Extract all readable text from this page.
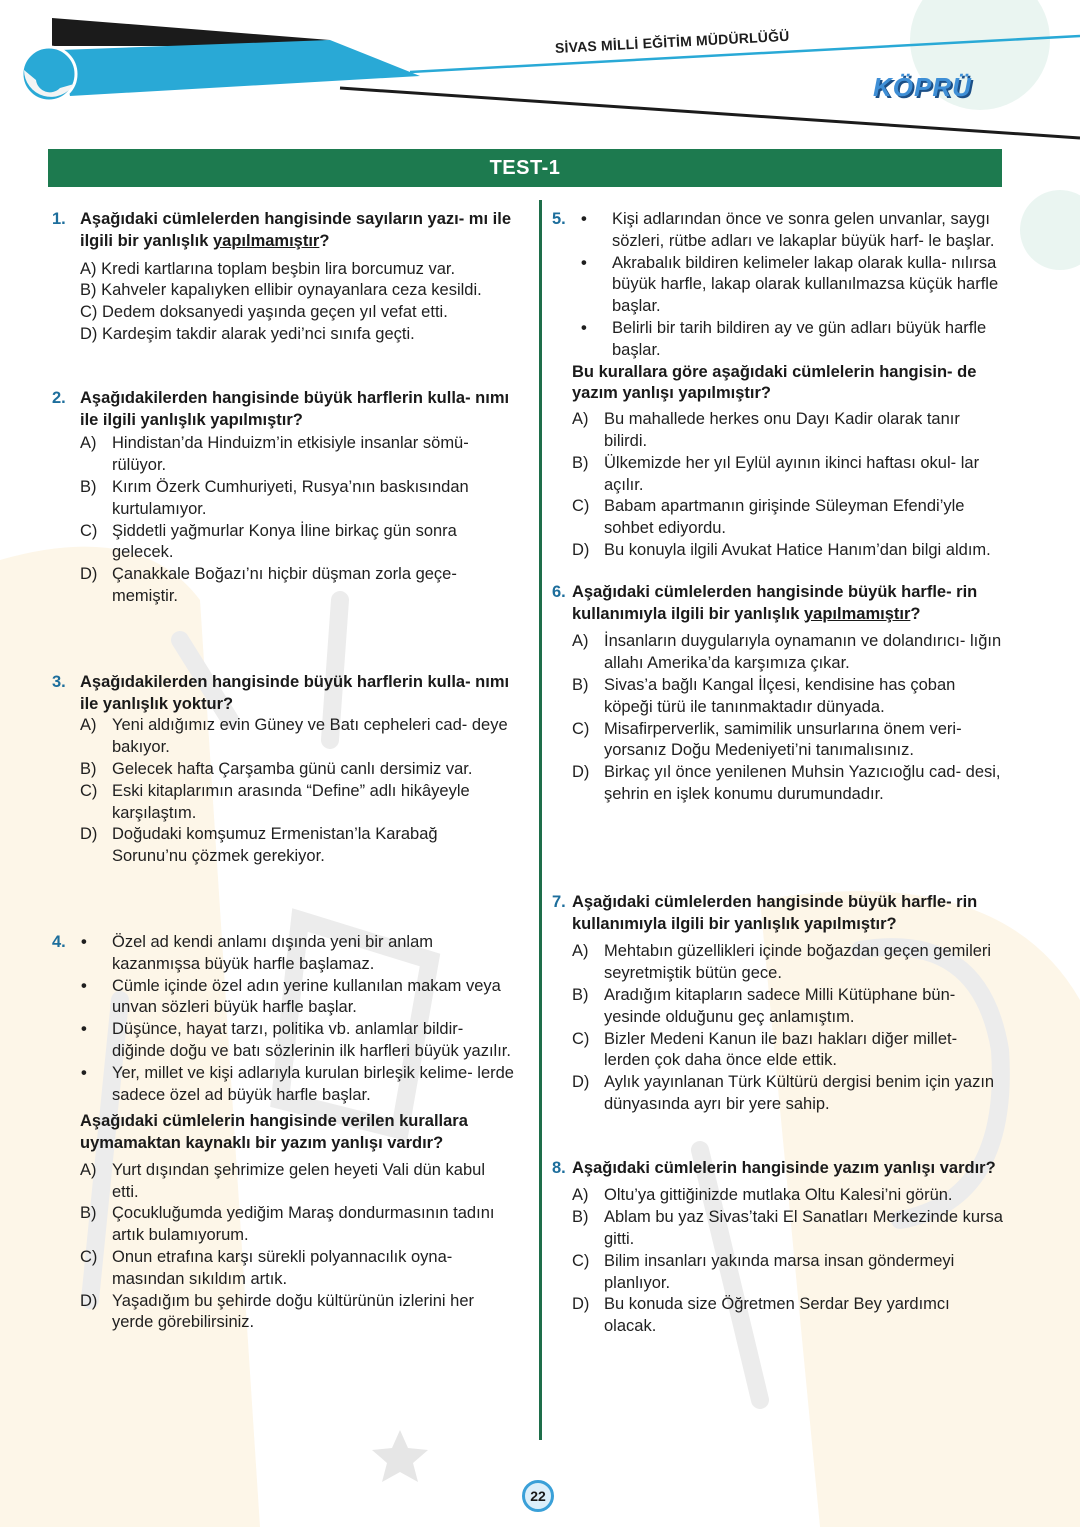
SİVAS MİLLİ EĞİTİM MÜDÜRLÜĞÜ
KÖPRÜ
TEST-1
1. Aşağıdaki cümlelerden hangisinde sayıların yazı- mı ile ilgili bir yanlışlık yapılmamıştır?
A) Kredi kartlarına toplam beşbin lira borcumuz var.
B) Kahveler kapalıyken ellibir oynayanlara ceza kesildi.
C) Dedem doksanyedi yaşında geçen yıl vefat etti.
D) Kardeşim takdir alarak yedi’nci sınıfa geçti.
2. Aşağıdakilerden hangisinde büyük harflerin kulla- nımı ile ilgili yanlışlık yapılmıştır?
A) Hindistan’da Hinduizm’in etkisiyle insanlar sömü- rülüyor.
B) Kırım Özerk Cumhuriyeti, Rusya’nın baskısından kurtulamıyor.
C) Şiddetli yağmurlar Konya İline birkaç gün sonra gelecek.
D) Çanakkale Boğazı’nı hiçbir düşman zorla geçe- memiştir.
3. Aşağıdakilerden hangisinde büyük harflerin kulla- nımı ile yanlışlık yoktur?
A) Yeni aldığımız evin Güney ve Batı cepheleri cad- deye bakıyor.
B) Gelecek hafta Çarşamba günü canlı dersimiz var.
C) Eski kitaplarımın arasında “Define” adlı hikâyeyle karşılaştım.
D) Doğudaki komşumuz Ermenistan’la Karabağ Sorunu’nu çözmek gerekiyor.
4. • Özel ad kendi anlamı dışında yeni bir anlam kazanmışsa büyük harfle başlamaz.
• Cümle içinde özel adın yerine kullanılan makam veya unvan sözleri büyük harfle başlar.
• Düşünce, hayat tarzı, politika vb. anlamlar bildir- diğinde doğu ve batı sözlerinin ilk harfleri büyük yazılır.
• Yer, millet ve kişi adlarıyla kurulan birleşik kelime- lerde sadece özel ad büyük harfle başlar.
Aşağıdaki cümlelerin hangisinde verilen kurallara uymamaktan kaynaklı bir yazım yanlışı vardır?
A) Yurt dışından şehrimize gelen heyeti Vali dün kabul etti.
B) Çocukluğumda yediğim Maraş dondurmasının tadını artık bulamıyorum.
C) Onun etrafına karşı sürekli polyannacılık oyna- masından sıkıldım artık.
D) Yaşadığım bu şehirde doğu kültürünün izlerini her yerde görebilirsiniz.
5. • Kişi adlarından önce ve sonra gelen unvanlar, saygı sözleri, rütbe adları ve lakaplar büyük harf- le başlar.
• Akrabalık bildiren kelimeler lakap olarak kulla- nılırsa büyük harfle, lakap olarak kullanılmazsa küçük harfle başlar.
• Belirli bir tarih bildiren ay ve gün adları büyük harfle başlar.
Bu kurallara göre aşağıdaki cümlelerin hangisin- de yazım yanlışı yapılmıştır?
A) Bu mahallede herkes onu Dayı Kadir olarak tanır bilirdi.
B) Ülkemizde her yıl Eylül ayının ikinci haftası okul- lar açılır.
C) Babam apartmanın girişinde Süleyman Efendi’yle sohbet ediyordu.
D) Bu konuyla ilgili Avukat Hatice Hanım’dan bilgi aldım.
6. Aşağıdaki cümlelerden hangisinde büyük harfle- rin kullanımıyla ilgili bir yanlışlık yapılmamıştır?
A) İnsanların duygularıyla oynamanın ve dolandırıcı- lığın allahı Amerika’da karşımıza çıkar.
B) Sivas’a bağlı Kangal İlçesi, kendisine has çoban köpeği türü ile tanınmaktadır dünyada.
C) Misafirperverlik, samimilik unsurlarına önem veri- yorsanız Doğu Medeniyeti’ni tanımalısınız.
D) Birkaç yıl önce yenilenen Muhsin Yazıcıoğlu cad- desi, şehrin en işlek konumu durumundadır.
7. Aşağıdaki cümlelerden hangisinde büyük harfle- rin kullanımıyla ilgili bir yanlışlık yapılmıştır?
A) Mehtabın güzellikleri içinde boğazdan geçen gemileri seyretmiştik bütün gece.
B) Aradığım kitapların sadece Milli Kütüphane bün- yesinde olduğunu geç anlamıştım.
C) Bizler Medeni Kanun ile bazı hakları diğer millet- lerden çok daha önce elde ettik.
D) Aylık yayınlanan Türk Kültürü dergisi benim için yazın dünyasında ayrı bir yere sahip.
8. Aşağıdaki cümlelerin hangisinde yazım yanlışı vardır?
A) Oltu’ya gittiğinizde mutlaka Oltu Kalesi’ni görün.
B) Ablam bu yaz Sivas’taki El Sanatları Merkezinde kursa gitti.
C) Bilim insanları yakında marsa insan göndermeyi planlıyor.
D) Bu konuda size Öğretmen Serdar Bey yardımcı olacak.
22
